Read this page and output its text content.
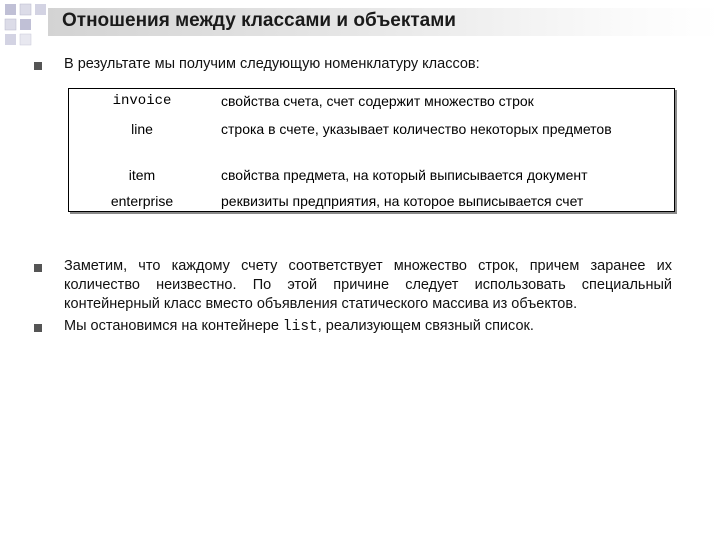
Отношения между классами и объектами
В результате мы получим следующую номенклатуру классов:
invoice	свойства счета, счет содержит множество строк
line	строка в счете, указывает количество некоторых предметов
item	свойства предмета, на который выписывается документ
enterprise	реквизиты предприятия, на которое выписывается счет
Заметим, что каждому счету соответствует множество строк, причем заранее их количество неизвестно. По этой причине следует использовать специальный контейнерный класс вместо объявления статического массива из объектов.
Мы остановимся на контейнере list, реализующем связный список.
